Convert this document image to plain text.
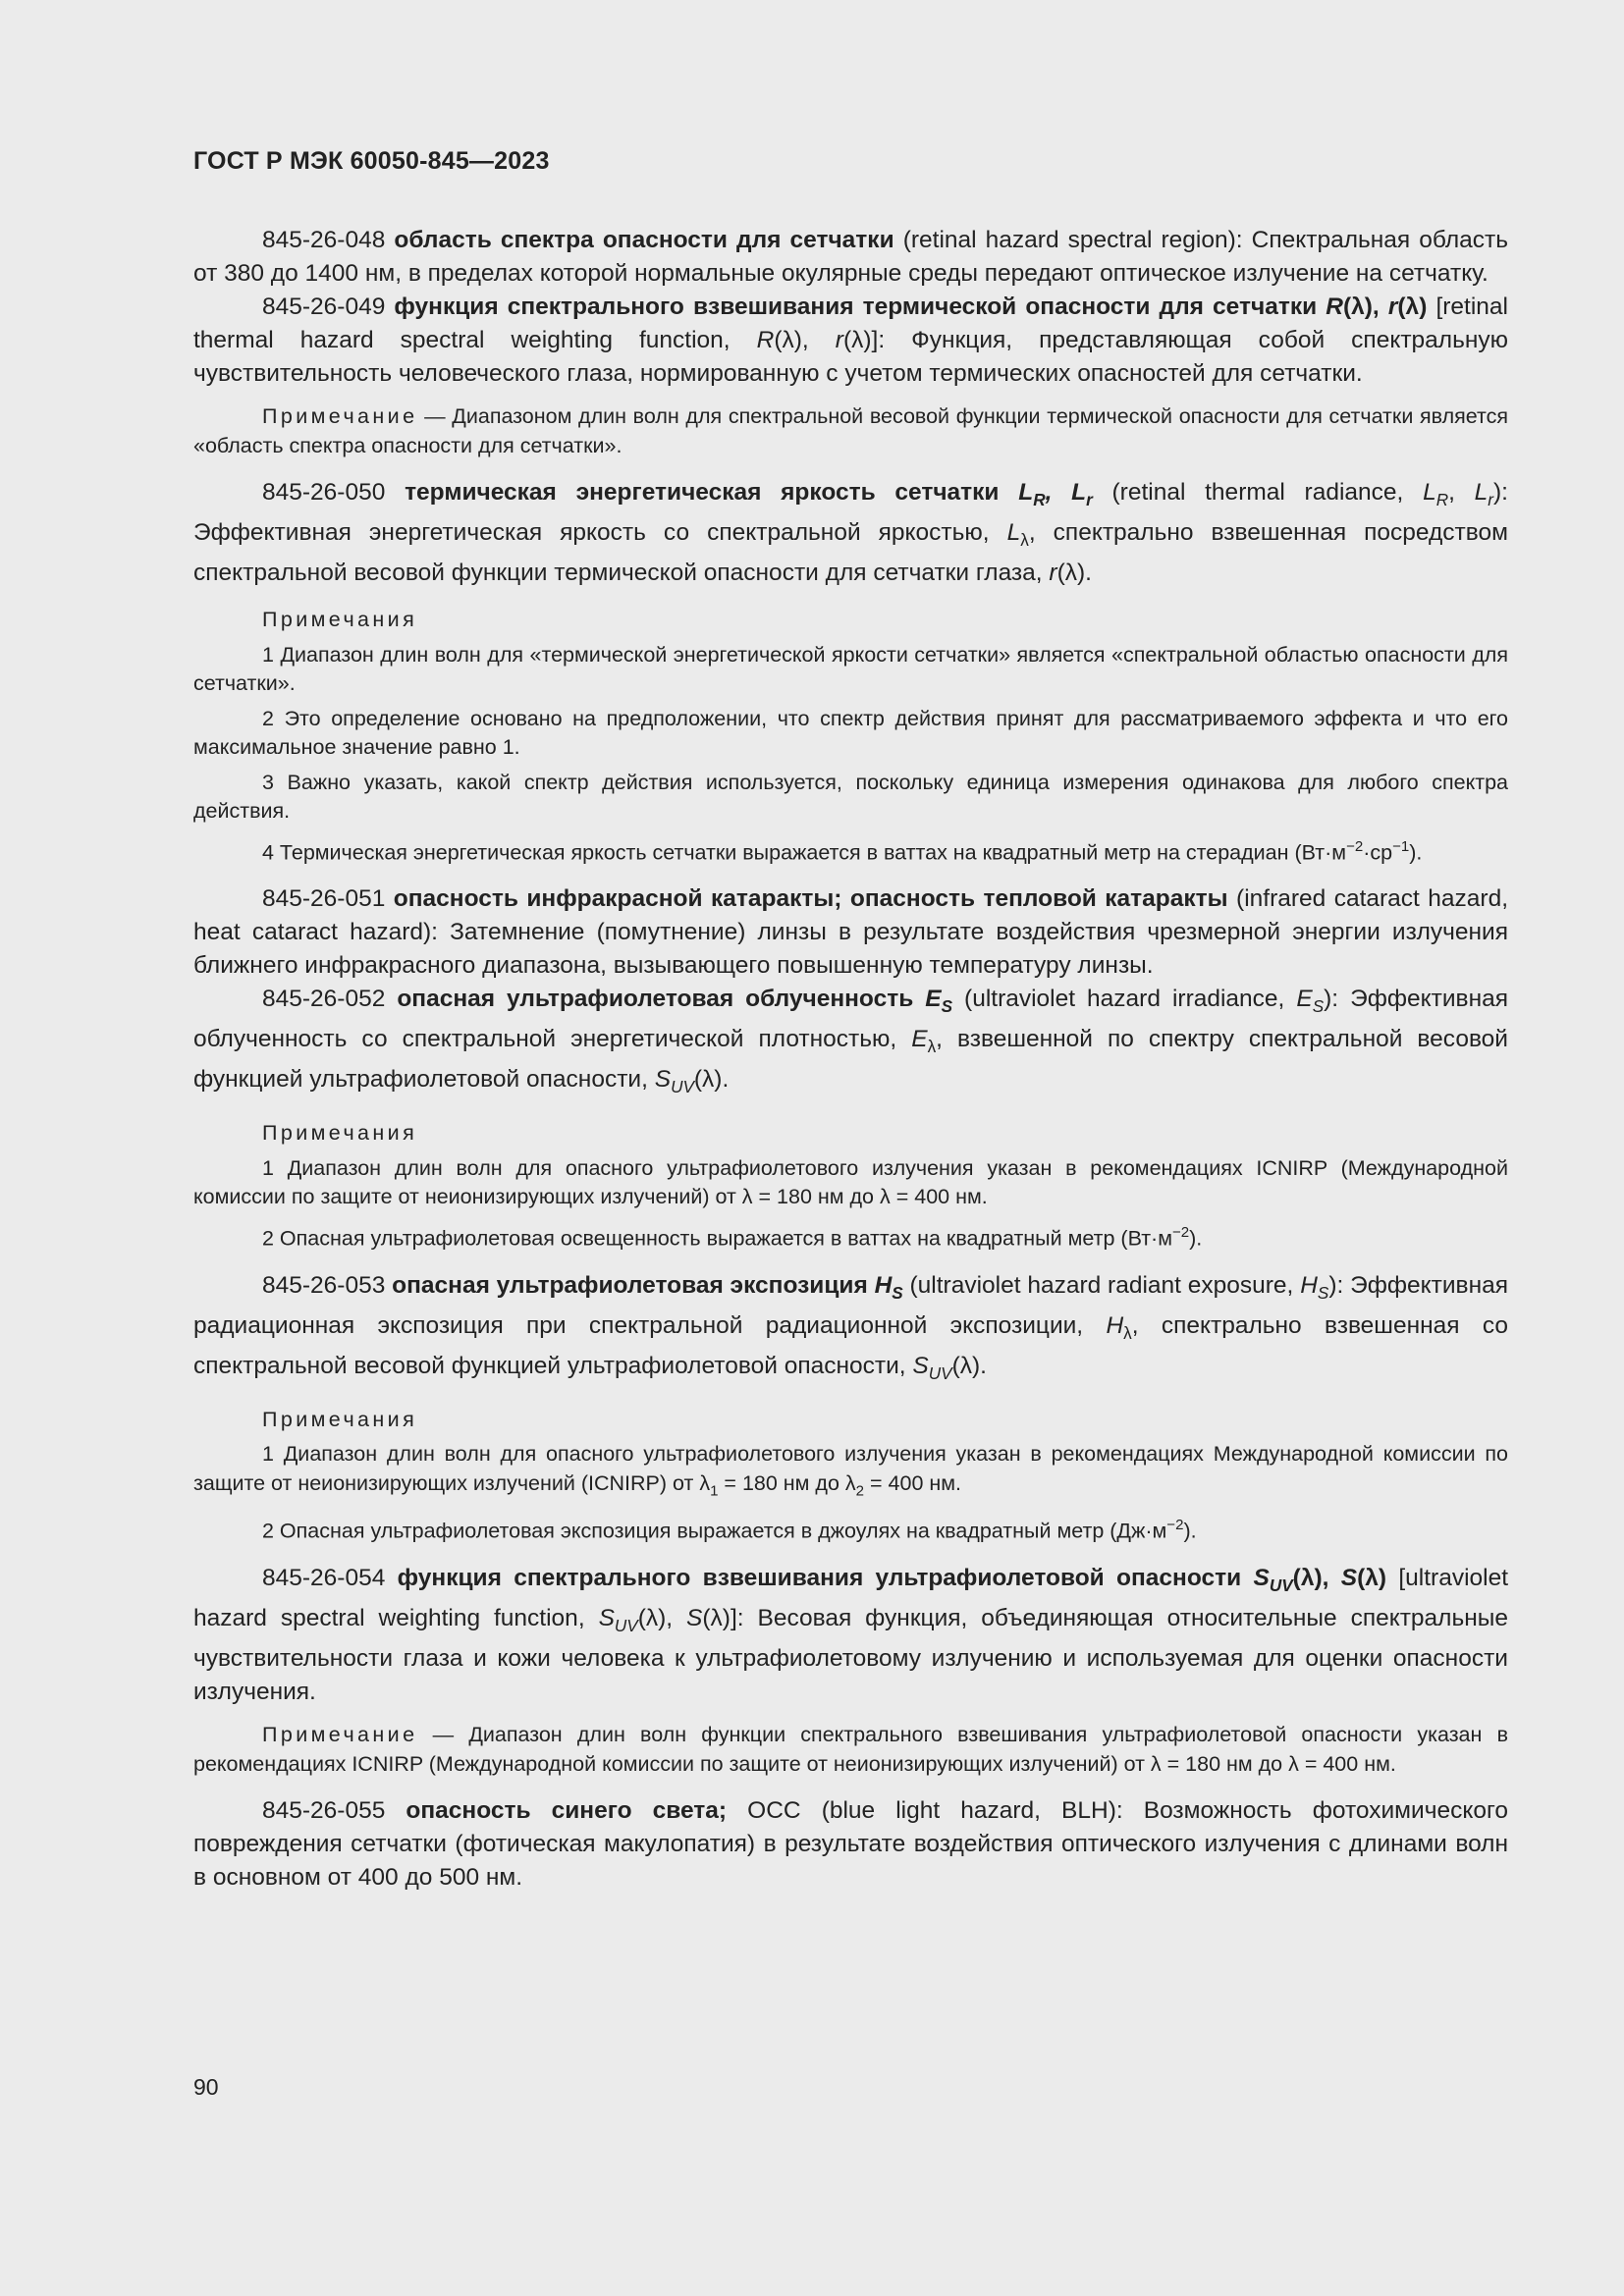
ГОСТ Р МЭК 60050-845—2023

845-26-048 область спектра опасности для сетчатки (retinal hazard spectral region): Спектральная область от 380 до 1400 нм, в пределах которой нормальные окулярные среды передают оптическое излучение на сетчатку.

845-26-049 функция спектрального взвешивания термической опасности для сетчатки R(λ), r(λ) [retinal thermal hazard spectral weighting function, R(λ), r(λ)]: Функция, представляющая собой спектральную чувствительность человеческого глаза, нормированную с учетом термических опасностей для сетчатки.

Примечание — Диапазоном длин волн для спектральной весовой функции термической опасности для сетчатки является «область спектра опасности для сетчатки».

845-26-050 термическая энергетическая яркость сетчатки $L_R$, $L_r$ (retinal thermal radiance, $L_R$, $L_r$): Эффективная энергетическая яркость со спектральной яркостью, $L_\lambda$, спектрально взвешенная посредством спектральной весовой функции термической опасности для сетчатки глаза, r(λ).

Примечания

1 Диапазон длин волн для «термической энергетической яркости сетчатки» является «спектральной областью опасности для сетчатки».

2 Это определение основано на предположении, что спектр действия принят для рассматриваемого эффекта и что его максимальное значение равно 1.

3 Важно указать, какой спектр действия используется, поскольку единица измерения одинакова для любого спектра действия.

4 Термическая энергетическая яркость сетчатки выражается в ваттах на квадратный метр на стерадиан $(Вт\cdot м^{-2}\cdot ср^{-1})$.

845-26-051 опасность инфракрасной катаракты; опасность тепловой катаракты (infrared cataract hazard, heat cataract hazard): Затемнение (помутнение) линзы в результате воздействия чрезмерной энергии излучения ближнего инфракрасного диапазона, вызывающего повышенную температуру линзы.

845-26-052 опасная ультрафиолетовая облученность $E_S$ (ultraviolet hazard irradiance, $E_S$): Эффективная облученность со спектральной энергетической плотностью, $E_\lambda$, взвешенной по спектру спектральной весовой функцией ультрафиолетовой опасности, $S_{UV}(\lambda)$.

Примечания

1 Диапазон длин волн для опасного ультрафиолетового излучения указан в рекомендациях ICNIRP (Международной комиссии по защите от неионизирующих излучений) от λ = 180 нм до λ = 400 нм.

2 Опасная ультрафиолетовая освещенность выражается в ваттах на квадратный метр $(Вт\cdot м^{-2})$.

845-26-053 опасная ультрафиолетовая экспозиция $H_S$ (ultraviolet hazard radiant exposure, $H_S$): Эффективная радиационная экспозиция при спектральной радиационной экспозиции, $H_\lambda$, спектрально взвешенная со спектральной весовой функцией ультрафиолетовой опасности, $S_{UV}(\lambda)$.

Примечания

1 Диапазон длин волн для опасного ультрафиолетового излучения указан в рекомендациях Международной комиссии по защите от неионизирующих излучений (ICNIRP) от $\lambda_1 = 180$ нм до $\lambda_2 = 400$ нм.

2 Опасная ультрафиолетовая экспозиция выражается в джоулях на квадратный метр $(Дж\cdot м^{-2})$.

845-26-054 функция спектрального взвешивания ультрафиолетовой опасности $S_{UV}(\lambda)$, S(λ) [ultraviolet hazard spectral weighting function, $S_{UV}(\lambda)$, S(λ)]: Весовая функция, объединяющая относительные спектральные чувствительности глаза и кожи человека к ультрафиолетовому излучению и используемая для оценки опасности излучения.

Примечание — Диапазон длин волн функции спектрального взвешивания ультрафиолетовой опасности указан в рекомендациях ICNIRP (Международной комиссии по защите от неионизирующих излучений) от λ = 180 нм до λ = 400 нм.

845-26-055 опасность синего света; ОСС (blue light hazard, BLH): Возможность фотохимического повреждения сетчатки (фотическая макулопатия) в результате воздействия оптического излучения с длинами волн в основном от 400 до 500 нм.

90
